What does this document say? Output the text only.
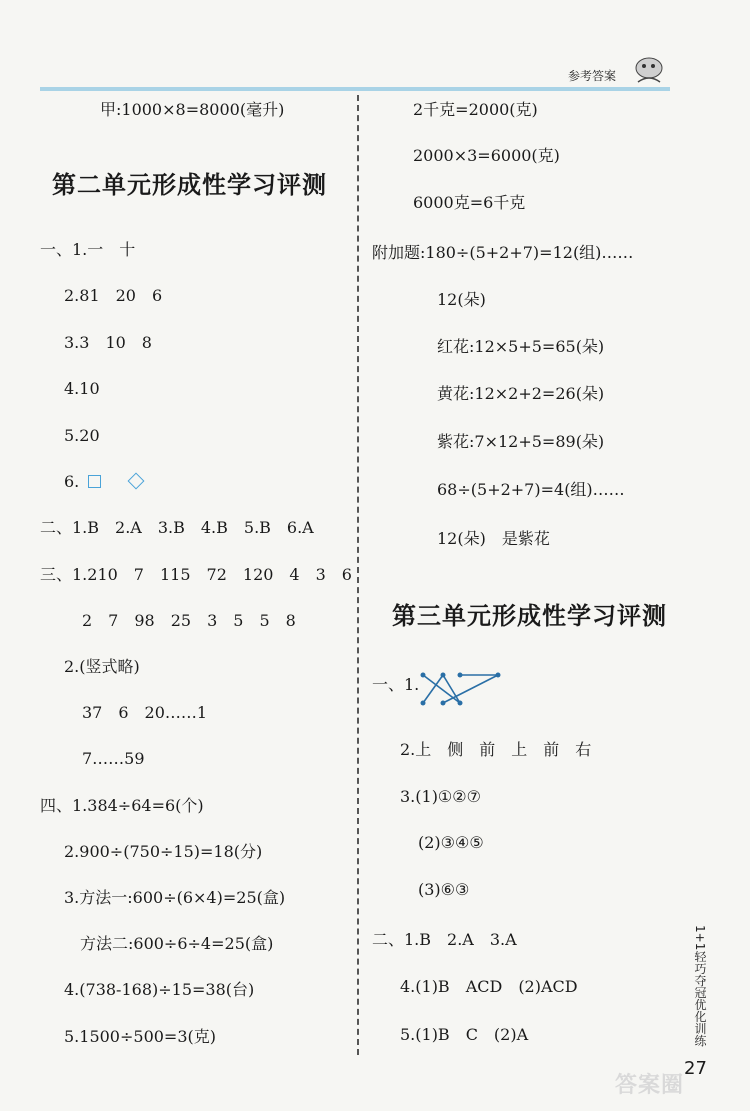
参考答案
甲:1000×8=8000(毫升)
第二单元形成性学习评测
一、1.一　十
2.81　20　6
3.3　10　8
4.10
5.20
6.
二、1.B　2.A　3.B　4.B　5.B　6.A
三、1.210　7　115　72　120　4　3　6
2　7　98　25　3　5　5　8
2.(竖式略)
37　6　20……1
7……59
四、1.384÷64=6(个)
2.900÷(750÷15)=18(分)
3.方法一:600÷(6×4)=25(盒)
方法二:600÷6÷4=25(盒)
4.(738-168)÷15=38(台)
5.1500÷500=3(克)
2千克=2000(克)
2000×3=6000(克)
6000克=6千克
附加题:180÷(5+2+7)=12(组)……
12(朵)
红花:12×5+5=65(朵)
黄花:12×2+2=26(朵)
紫花:7×12+5=89(朵)
68÷(5+2+7)=4(组)……
12(朵)　是紫花
第三单元形成性学习评测
一、1.
2.上　侧　前　上　前　右
3.(1)①②⑦
(2)③④⑤
(3)⑥③
二、1.B　2.A　3.A
4.(1)B　ACD　(2)ACD
5.(1)B　C　(2)A	1+1轻巧夺冠优化训练
答案圈
27
